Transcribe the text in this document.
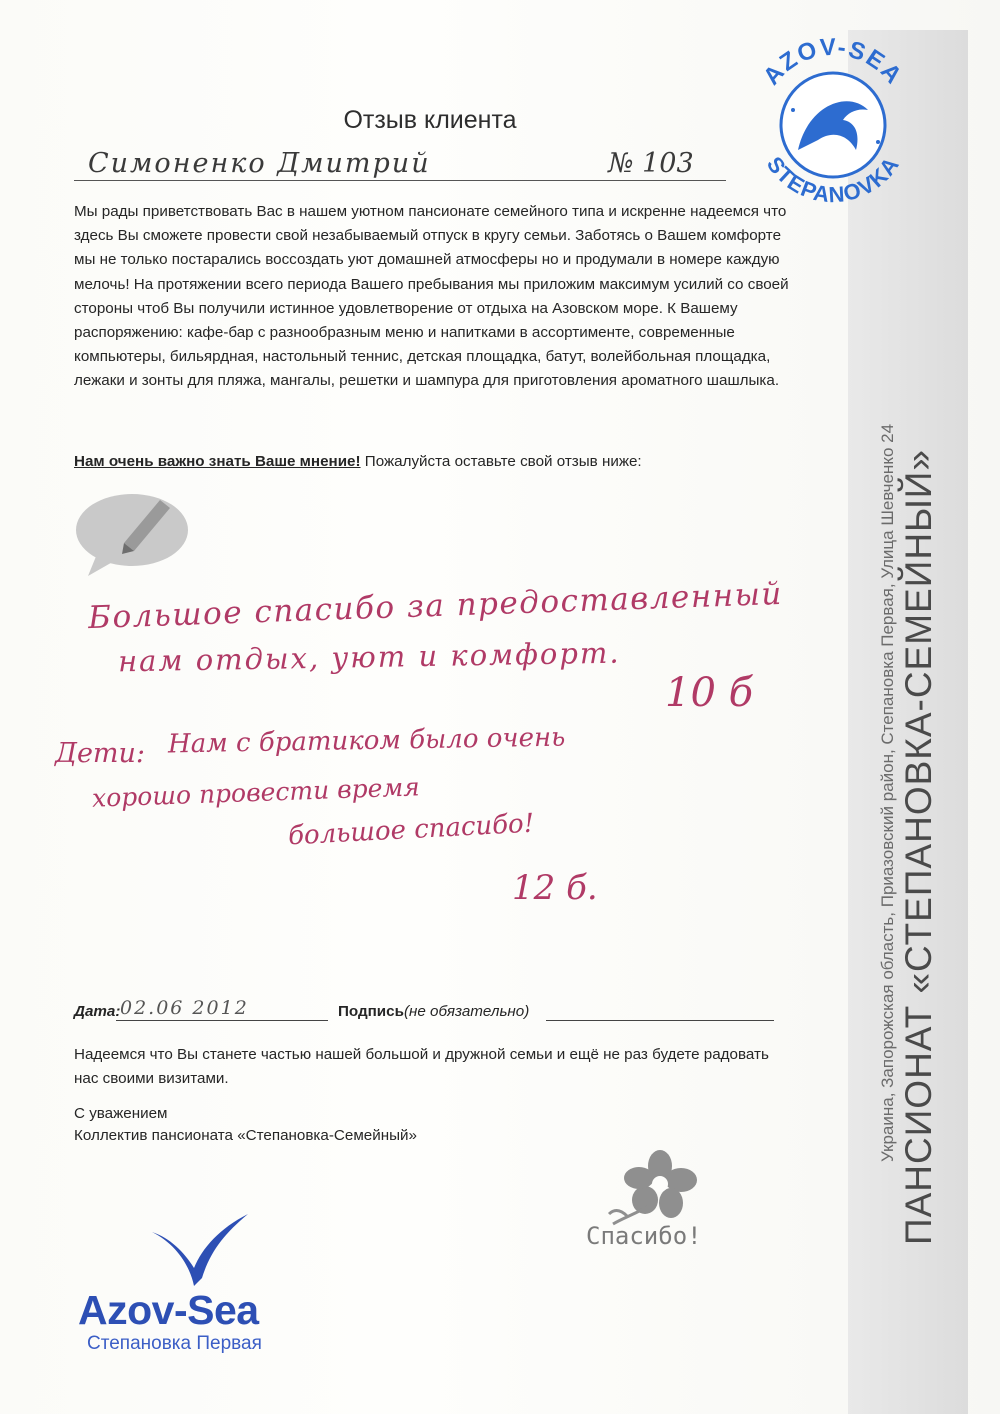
ПАНСИОНАТ «СТЕПАНОВКА-СЕМЕЙНЫЙ»
Украина, Запорожская область, Приазовский район, Степановка Первая, Улица Шевченко 24
AZOV-SEA
STEPANOVKA
Отзыв клиента
Симоненко Дмитрий	№ 103
Мы рады приветствовать Вас в нашем уютном пансионате семейного типа и искренне надеемся что здесь Вы сможете провести свой незабываемый отпуск в кругу семьи. Заботясь о Вашем комфорте мы не только постарались воссоздать уют домашней атмосферы но и продумали в номере каждую мелочь! На протяжении всего периода Вашего пребывания мы приложим максимум усилий со своей стороны чтоб Вы получили истинное удовлетворение от отдыха на Азовском море. К Вашему распоряжению: кафе-бар с разнообразным меню и напитками в ассортименте, современные компьютеры, бильярдная, настольный теннис, детская площадка, батут, волейбольная площадка, лежаки и зонты для пляжа, мангалы, решетки и шампура для приготовления ароматного шашлыка.
Нам очень важно знать Ваше мнение! Пожалуйста оставьте свой отзыв ниже:
Большое спасибо за предоставленный
нам отдых, уют и комфорт.
10 б
Дети: Нам с братиком было очень
хорошо провести время
большое спасибо!
12 б.
Дата:	Подпись(не обязательно)
02.06 2012
Надеемся что Вы станете частью нашей большой и дружной семьи и ещё не раз будете радовать нас своими визитами.
С уважением
Коллектив пансионата «Степановка-Семейный»
Спасибо!
Azov-Sea
Степановка Первая
